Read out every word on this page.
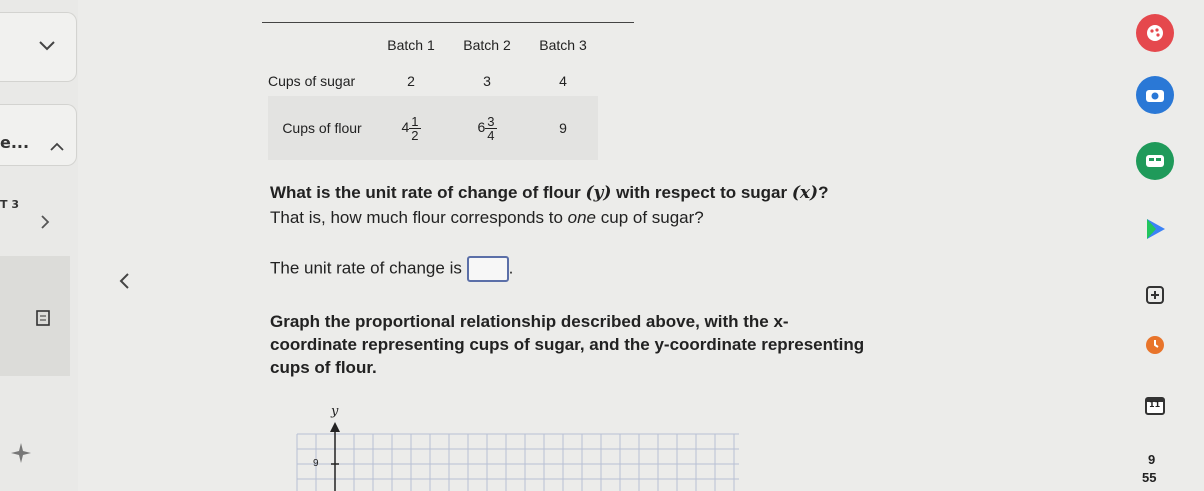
e...
T 3
	Batch 1	Batch 2	Batch 3
Cups of sugar	2	3	4
Cups of flour	$4 \frac{1}{2}$	$6 \frac{3}{4}$	9
What is the unit rate of change of flour (y) with respect to sugar (x)?
That is, how much flour corresponds to one cup of sugar?
The unit rate of change is	.
Graph the proportional relationship described above, with the x-
coordinate representing cups of sugar, and the y-coordinate representing
cups of flour.
y
9
11
9
55
